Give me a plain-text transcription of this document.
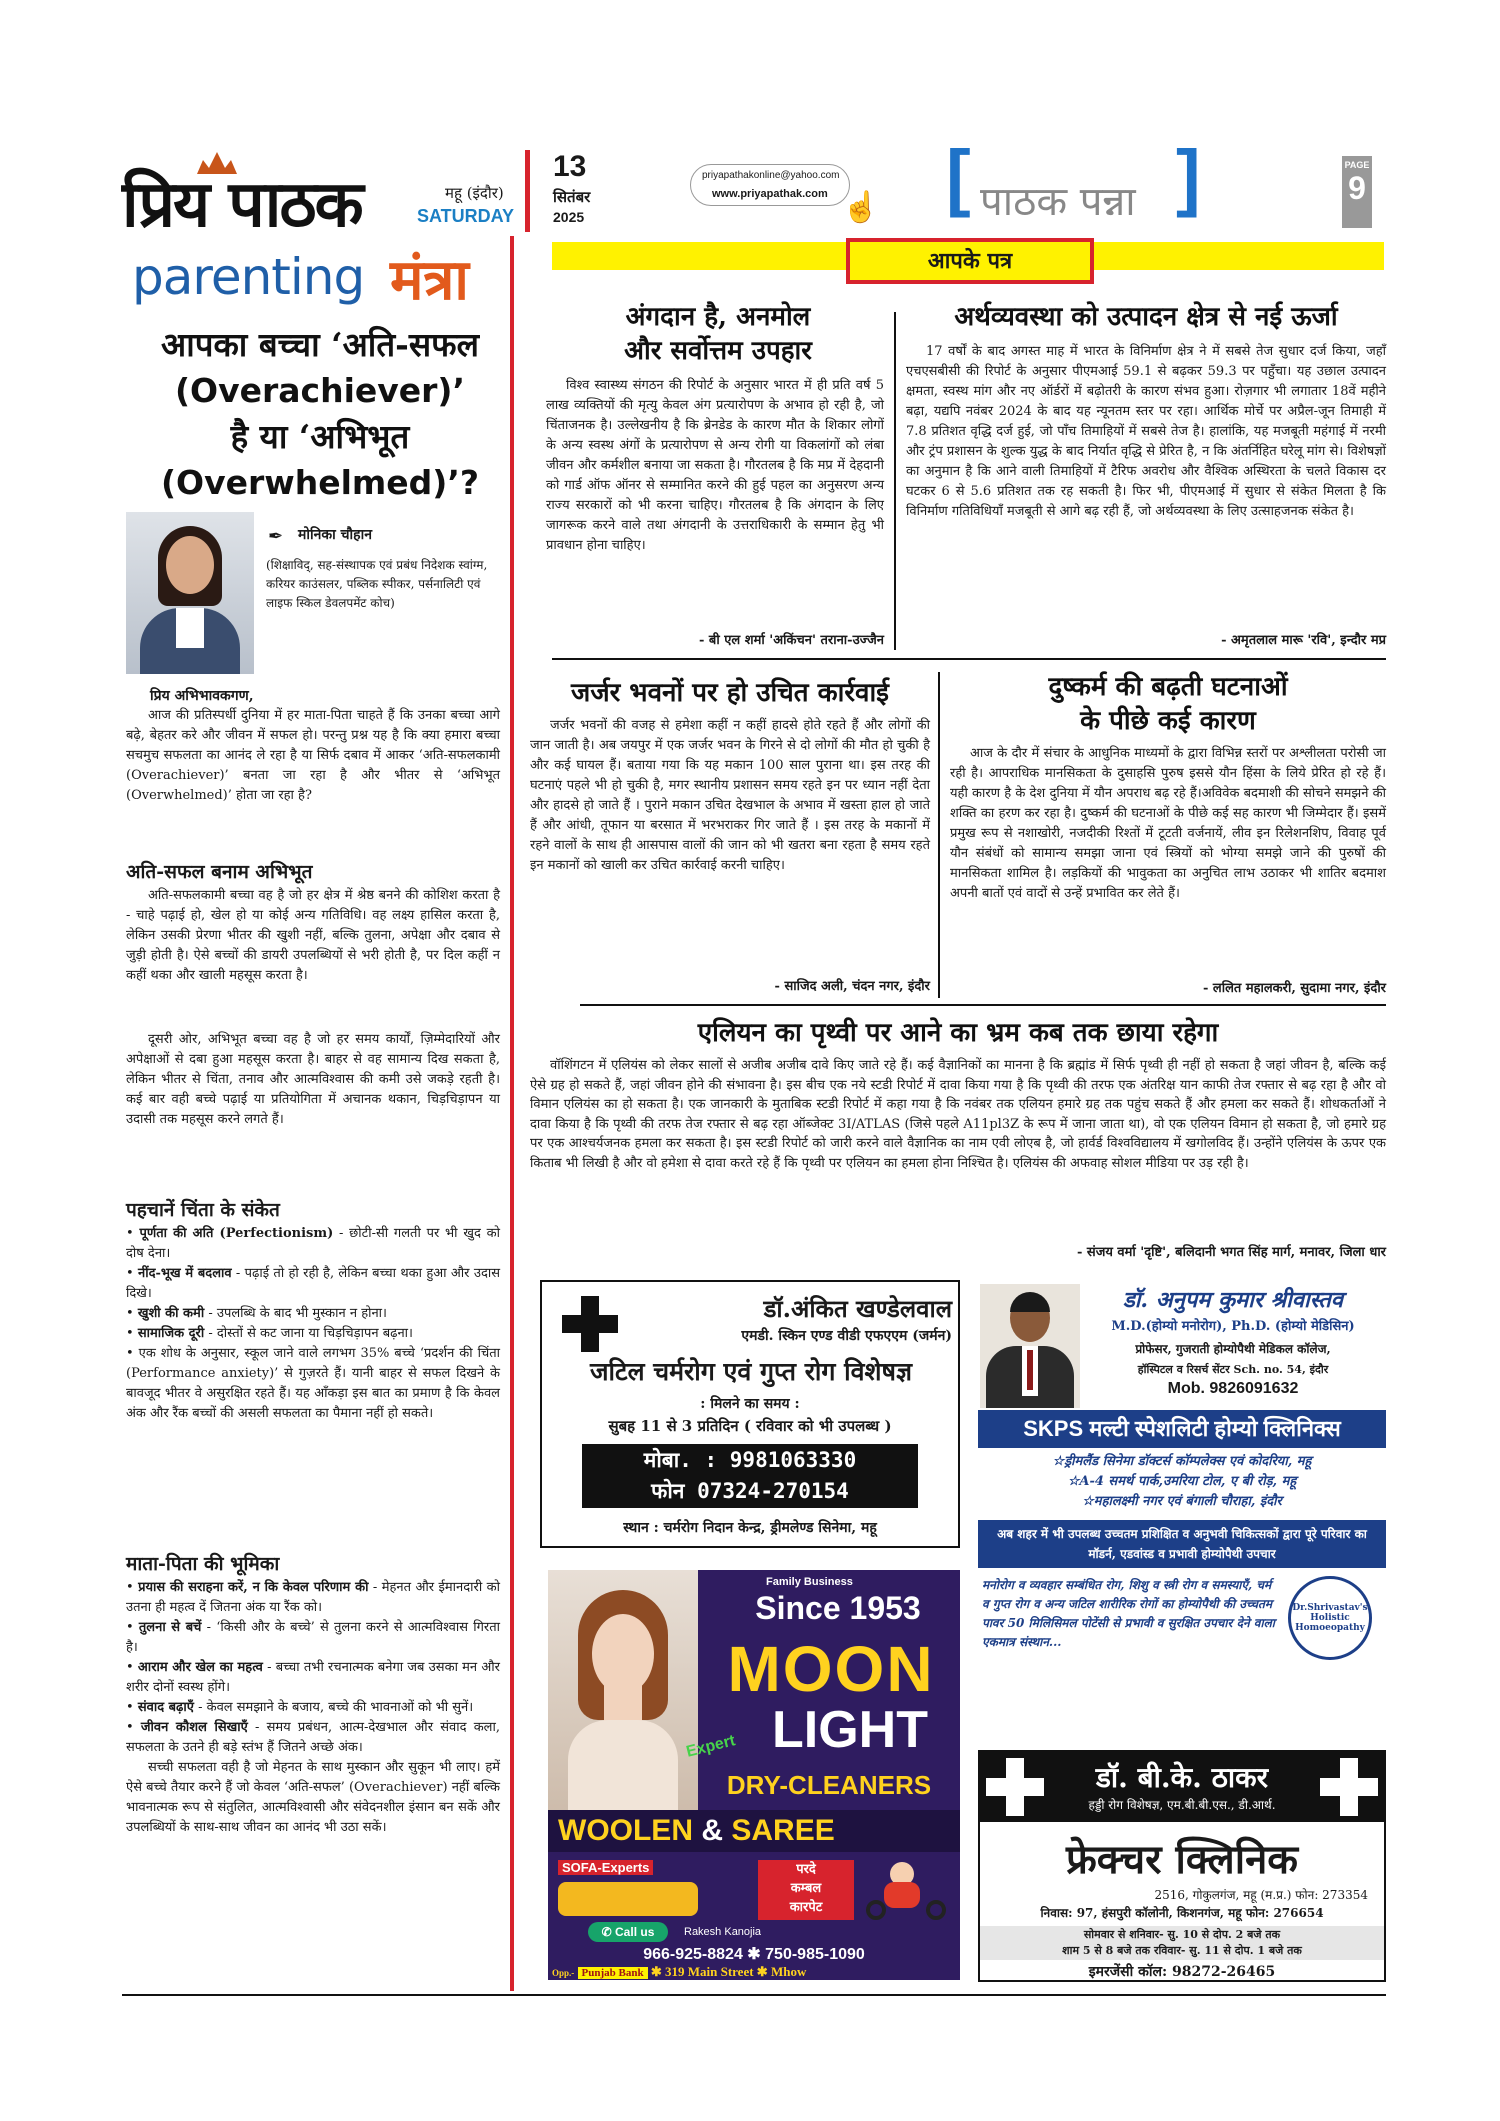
प्रिय पाठक	महू (इंदौर)
SATURDAY
13
सितंबर
2025
priyapathakonline@yahoo.com
www.priyapathak.com ☝ [ पाठक पन्ना ]	PAGE
9
parenting मंत्रा
आपका बच्चा ‘अति-सफल
(Overachiever)’
है या ‘अभिभूत
(Overwhelmed)’?
✒ मोनिका चौहान
(शिक्षाविद्, सह-संस्थापक एवं प्रबंध निदेशक स्वांग्म, करियर काउंसलर, पब्लिक स्पीकर, पर्सनालिटी एवं लाइफ स्किल डेवलपमेंट कोच)
प्रिय अभिभावकगण,
आज की प्रतिस्पर्धी दुनिया में हर माता-पिता चाहते हैं कि उनका बच्चा आगे बढ़े, बेहतर करे और जीवन में सफल हो। परन्तु प्रश्न यह है कि क्या हमारा बच्चा सचमुच सफलता का आनंद ले रहा है या सिर्फ दबाव में आकर ‘अति-सफलकामी (Overachiever)’ बनता जा रहा है और भीतर से ‘अभिभूत (Overwhelmed)’ होता जा रहा है?
अति-सफल बनाम अभिभूत
अति-सफलकामी बच्चा वह है जो हर क्षेत्र में श्रेष्ठ बनने की कोशिश करता है - चाहे पढ़ाई हो, खेल हो या कोई अन्य गतिविधि। वह लक्ष्य हासिल करता है, लेकिन उसकी प्रेरणा भीतर की खुशी नहीं, बल्कि तुलना, अपेक्षा और दबाव से जुड़ी होती है। ऐसे बच्चों की डायरी उपलब्धियों से भरी होती है, पर दिल कहीं न कहीं थका और खाली महसूस करता है।
दूसरी ओर, अभिभूत बच्चा वह है जो हर समय कार्यों, ज़िम्मेदारियों और अपेक्षाओं से दबा हुआ महसूस करता है। बाहर से वह सामान्य दिख सकता है, लेकिन भीतर से चिंता, तनाव और आत्मविश्वास की कमी उसे जकड़े रहती है। कई बार वही बच्चे पढ़ाई या प्रतियोगिता में अचानक थकान, चिड़चिड़ापन या उदासी तक महसूस करने लगते हैं।
पहचानें चिंता के संकेत
• पूर्णता की अति (Perfectionism) - छोटी-सी गलती पर भी खुद को दोष देना।
• नींद-भूख में बदलाव - पढ़ाई तो हो रही है, लेकिन बच्चा थका हुआ और उदास दिखे।
• खुशी की कमी - उपलब्धि के बाद भी मुस्कान न होना।
• सामाजिक दूरी - दोस्तों से कट जाना या चिड़चिड़ापन बढ़ना।
• एक शोध के अनुसार, स्कूल जाने वाले लगभग 35% बच्चे ‘प्रदर्शन की चिंता (Performance anxiety)’ से गुज़रते हैं। यानी बाहर से सफल दिखने के बावजूद भीतर वे असुरक्षित रहते हैं। यह आँकड़ा इस बात का प्रमाण है कि केवल अंक और रैंक बच्चों की असली सफलता का पैमाना नहीं हो सकते।
माता-पिता की भूमिका
• प्रयास की सराहना करें, न कि केवल परिणाम की - मेहनत और ईमानदारी को उतना ही महत्व दें जितना अंक या रैंक को।
• तुलना से बचें - ‘किसी और के बच्चे’ से तुलना करने से आत्मविश्वास गिरता है।
• आराम और खेल का महत्व - बच्चा तभी रचनात्मक बनेगा जब उसका मन और शरीर दोनों स्वस्थ होंगे।
• संवाद बढ़ाएँ - केवल समझाने के बजाय, बच्चे की भावनाओं को भी सुनें।
• जीवन कौशल सिखाएँ - समय प्रबंधन, आत्म-देखभाल और संवाद कला, सफलता के उतने ही बड़े स्तंभ हैं जितने अच्छे अंक।
सच्ची सफलता वही है जो मेहनत के साथ मुस्कान और सुकून भी लाए। हमें ऐसे बच्चे तैयार करने हैं जो केवल ‘अति-सफल’ (Overachiever) नहीं बल्कि भावनात्मक रूप से संतुलित, आत्मविश्वासी और संवेदनशील इंसान बन सकें और उपलब्धियों के साथ-साथ जीवन का आनंद भी उठा सकें।
आपके पत्र
अंगदान है, अनमोल
और सर्वोत्तम उपहार
विश्व स्वास्थ्य संगठन की रिपोर्ट के अनुसार भारत में ही प्रति वर्ष 5 लाख व्यक्तियों की मृत्यु केवल अंग प्रत्यारोपण के अभाव हो रही है, जो चिंताजनक है। उल्लेखनीय है कि ब्रेनडेड के कारण मौत के शिकार लोगों के अन्य स्वस्थ अंगों के प्रत्यारोपण से अन्य रोगी या विकलांगों को लंबा जीवन और कर्मशील बनाया जा सकता है। गौरतलब है कि मप्र में देहदानी को गार्ड ऑफ ऑनर से सम्मानित करने की हुई पहल का अनुसरण अन्य राज्य सरकारों को भी करना चाहिए। गौरतलब है कि अंगदान के लिए जागरूक करने वाले तथा अंगदानी के उत्तराधिकारी के सम्मान हेतु भी प्रावधान होना चाहिए।
- बी एल शर्मा 'अकिंचन' तराना-उज्जैन
अर्थव्यवस्था को उत्पादन क्षेत्र से नई ऊर्जा
17 वर्षों के बाद अगस्त माह में भारत के विनिर्माण क्षेत्र ने में सबसे तेज सुधार दर्ज किया, जहाँ एचएसबीसी की रिपोर्ट के अनुसार पीएमआई 59.1 से बढ़कर 59.3 पर पहुँचा। यह उछाल उत्पादन क्षमता, स्वस्थ मांग और नए ऑर्डरों में बढ़ोतरी के कारण संभव हुआ। रोज़गार भी लगातार 18वें महीने बढ़ा, यद्यपि नवंबर 2024 के बाद यह न्यूनतम स्तर पर रहा। आर्थिक मोर्चे पर अप्रैल-जून तिमाही में 7.8 प्रतिशत वृद्धि दर्ज हुई, जो पाँच तिमाहियों में सबसे तेज है। हालांकि, यह मजबूती महंगाई में नरमी और ट्रंप प्रशासन के शुल्क युद्ध के बाद निर्यात वृद्धि से प्रेरित है, न कि अंतर्निहित घरेलू मांग से। विशेषज्ञों का अनुमान है कि आने वाली तिमाहियों में टैरिफ अवरोध और वैश्विक अस्थिरता के चलते विकास दर घटकर 6 से 5.6 प्रतिशत तक रह सकती है। फिर भी, पीएमआई में सुधार से संकेत मिलता है कि विनिर्माण गतिविधियाँ मजबूती से आगे बढ़ रही हैं, जो अर्थव्यवस्था के लिए उत्साहजनक संकेत है।
- अमृतलाल मारू 'रवि', इन्दौर मप्र
जर्जर भवनों पर हो उचित कार्रवाई
जर्जर भवनों की वजह से हमेशा कहीं न कहीं हादसे होते रहते हैं और लोगों की जान जाती है। अब जयपुर में एक जर्जर भवन के गिरने से दो लोगों की मौत हो चुकी है और कई घायल हैं। बताया गया कि यह मकान 100 साल पुराना था। इस तरह की घटनाएं पहले भी हो चुकी है, मगर स्थानीय प्रशासन समय रहते इन पर ध्यान नहीं देता और हादसे हो जाते हैं । पुराने मकान उचित देखभाल के अभाव में खस्ता हाल हो जाते हैं और आंधी, तूफान या बरसात में भरभराकर गिर जाते हैं । इस तरह के मकानों में रहने वालों के साथ ही आसपास वालों की जान को भी खतरा बना रहता है समय रहते इन मकानों को खाली कर उचित कार्रवाई करनी चाहिए।
- साजिद अली, चंदन नगर, इंदौर
दुष्कर्म की बढ़ती घटनाओं
के पीछे कई कारण
आज के दौर में संचार के आधुनिक माध्यमों के द्वारा विभिन्न स्तरों पर अश्लीलता परोसी जा रही है। आपराधिक मानसिकता के दुसाहसि पुरुष इससे यौन हिंसा के लिये प्रेरित हो रहे हैं। यही कारण है के देश दुनिया में यौन अपराध बढ़ रहे हैं।अविवेक बदमाशी की सोचने समझने की शक्ति का हरण कर रहा है। दुष्कर्म की घटनाओं के पीछे कई सह कारण भी जिम्मेदार हैं। इसमें प्रमुख रूप से नशाखोरी, नजदीकी रिश्तों में टूटती वर्जनायें, लीव इन रिलेशनशिप, विवाह पूर्व यौन संबंधों को सामान्य समझा जाना एवं स्त्रियों को भोग्या समझे जाने की पुरुषों की मानसिकता शामिल है। लड़कियों की भावुकता का अनुचित लाभ उठाकर भी शातिर बदमाश अपनी बातों एवं वादों से उन्हें प्रभावित कर लेते हैं।
- ललित महालकरी, सुदामा नगर, इंदौर
एलियन का पृथ्वी पर आने का भ्रम कब तक छाया रहेगा
वॉशिंगटन में एलियंस को लेकर सालों से अजीब अजीब दावे किए जाते रहे हैं। कई वैज्ञानिकों का मानना है कि ब्रह्मांड में सिर्फ पृथ्वी ही नहीं हो सकता है जहां जीवन है, बल्कि कई ऐसे ग्रह हो सकते हैं, जहां जीवन होने की संभावना है। इस बीच एक नये स्टडी रिपोर्ट में दावा किया गया है कि पृथ्वी की तरफ एक अंतरिक्ष यान काफी तेज रफ्तार से बढ़ रहा है और वो विमान एलियंस का हो सकता है। एक जानकारी के मुताबिक स्टडी रिपोर्ट में कहा गया है कि नवंबर तक एलियन हमारे ग्रह तक पहुंच सकते हैं और हमला कर सकते हैं। शोधकर्ताओं ने दावा किया है कि पृथ्वी की तरफ तेज रफ्तार से बढ़ रहा ऑब्जेक्ट 3I/ATLAS (जिसे पहले A11pl3Z के रूप में जाना जाता था), वो एक एलियन विमान हो सकता है, जो हमारे ग्रह पर एक आश्चर्यजनक हमला कर सकता है। इस स्टडी रिपोर्ट को जारी करने वाले वैज्ञानिक का नाम एवी लोएब है, जो हार्वर्ड विश्वविद्यालय में खगोलविद हैं। उन्होंने एलियंस के ऊपर एक किताब भी लिखी है और वो हमेशा से दावा करते रहे हैं कि पृथ्वी पर एलियन का हमला होना निश्चित है। एलियंस की अफवाह सोशल मीडिया पर उड़ रही है।
- संजय वर्मा 'दृष्टि', बलिदानी भगत सिंह मार्ग, मनावर, जिला धार
डॉ.अंकित खण्डेलवाल
एमडी. स्किन एण्ड वीडी एफएएम (जर्मन)
जटिल चर्मरोग एवं गुप्त रोग विशेषज्ञ
: मिलने का समय :
सुबह 11 से 3 प्रतिदिन ( रविवार को भी उपलब्ध )
मोबा. : 9981063330
फोन 07324-270154
स्थान : चर्मरोग निदान केन्द्र, ड्रीमलेण्ड सिनेमा, महू
डॉ. अनुपम कुमार श्रीवास्तव
M.D.(होम्यो मनोरोग), Ph.D. (होम्यो मेडिसिन)
प्रोफेसर, गुजराती होम्योपैथी मेडिकल कॉलेज,
हॉस्पिटल व रिसर्च सेंटर Sch. no. 54, इंदौर
Mob. 9826091632
SKPS मल्टी स्पेशलिटी होम्यो क्लिनिक्स
☆ड्रीमलैंड सिनेमा डॉक्टर्स कॉम्पलेक्स एवं कोदरिया, महू
☆A-4 समर्थ पार्क,उमरिया टोल, ए बी रोड़, महू
☆महालक्ष्मी नगर एवं बंगाली चौराहा, इंदौर
अब शहर में भी उपलब्ध उच्चतम प्रशिक्षित व अनुभवी चिकित्सकों द्वारा पूरे परिवार का मॉडर्न, एडवांस्ड व प्रभावी होम्योपैथी उपचार
मनोरोग व व्यवहार सम्बंधित रोग, शिशु व स्त्री रोग व समस्याएँ, चर्म व गुप्त रोग व अन्य जटिल शारीरिक रोगों का होम्योपैथी की उच्चतम पावर 50 मिलिसिमल पोटेंसी से प्रभावी व सुरक्षित उपचार देने वाला एकमात्र संस्थान...
Dr.Shrivastav's Holistic Homoeopathy
Family Business
Since 1953
MOON
LIGHT
Expert
DRY-CLEANERS
WOOLEN & SAREE
SOFA-Experts	परदे
कम्बल
कारपेट
✆ Call us	Rakesh Kanojia
966-925-8824 ✱ 750-985-1090
Opp.- Punjab Bank ✱ 319 Main Street ✱ Mhow
डॉ. बी.के. ठाकर
हड्डी रोग विशेषज्ञ, एम.बी.बी.एस., डी.आर्थ.
फ्रेक्चर क्लिनिक
2516, गोकुलगंज, महू (म.प्र.) फोन: 273354
निवास: 97, हंसपुरी कॉलोनी, किशनगंज, महू फोन: 276654
सोमवार से शनिवार- सु. 10 से दोप. 2 बजे तक
शाम 5 से 8 बजे तक रविवार- सु. 11 से दोप. 1 बजे तक
इमरजेंसी कॉल: 98272-26465
